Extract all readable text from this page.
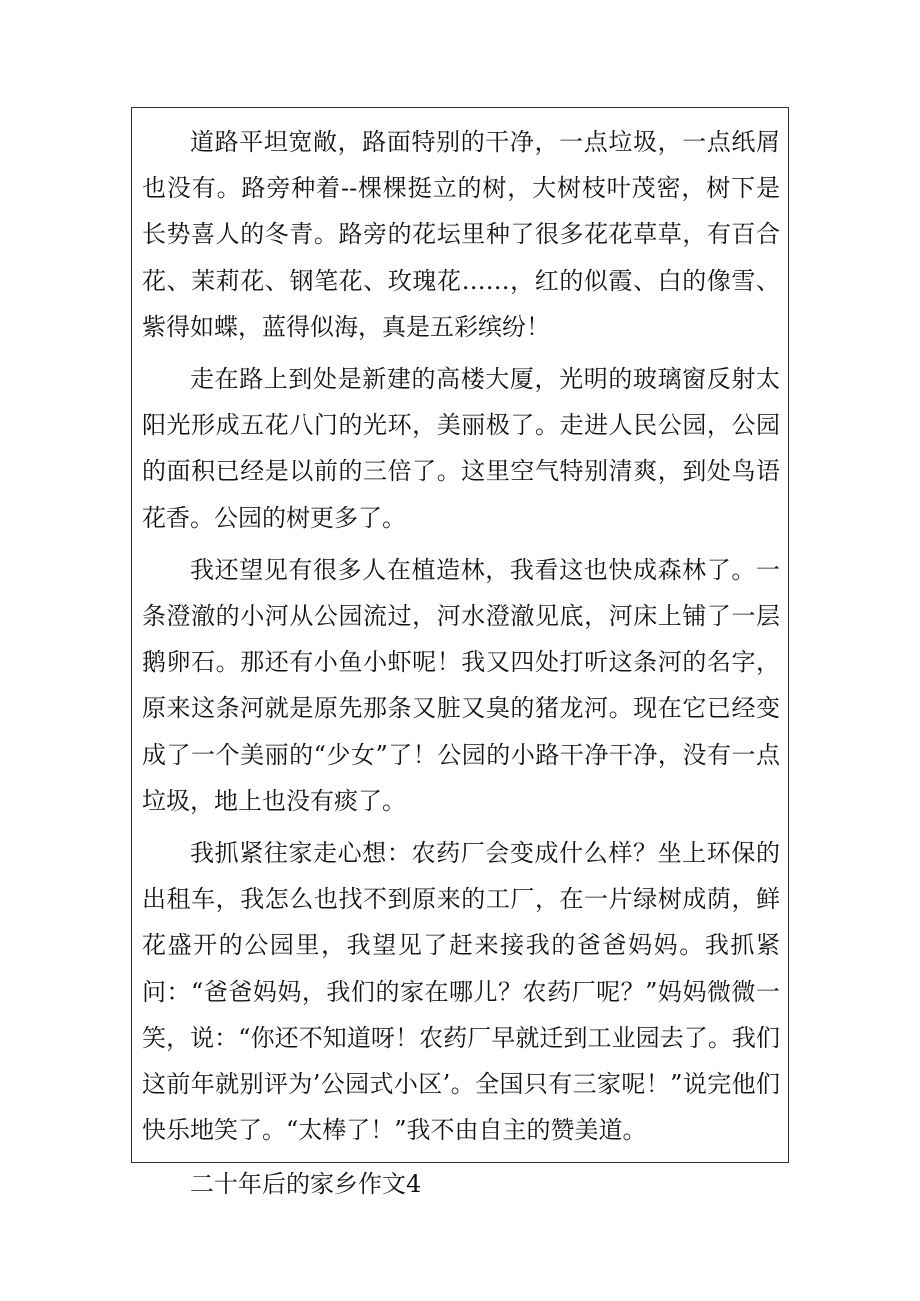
道路平坦宽敞，路面特别的干净，一点垃圾，一点纸屑也没有。路旁种着--棵棵挺立的树，大树枝叶茂密，树下是长势喜人的冬青。路旁的花坛里种了很多花花草草，有百合花、茉莉花、钢笔花、玫瑰花……，红的似霞、白的像雪、紫得如蝶，蓝得似海，真是五彩缤纷！

走在路上到处是新建的高楼大厦，光明的玻璃窗反射太阳光形成五花八门的光环，美丽极了。走进人民公园，公园的面积已经是以前的三倍了。这里空气特别清爽，到处鸟语花香。公园的树更多了。

我还望见有很多人在植造林，我看这也快成森林了。一条澄澈的小河从公园流过，河水澄澈见底，河床上铺了一层鹅卵石。那还有小鱼小虾呢！我又四处打听这条河的名字，原来这条河就是原先那条又脏又臭的猪龙河。现在它已经变成了一个美丽的“少女”了！公园的小路干净干净，没有一点垃圾，地上也没有痰了。

我抓紧往家走心想：农药厂会变成什么样？坐上环保的出租车，我怎么也找不到原来的工厂，在一片绿树成荫，鲜花盛开的公园里，我望见了赶来接我的爸爸妈妈。我抓紧问：“爸爸妈妈，我们的家在哪儿？农药厂呢？”妈妈微微一笑，说：“你还不知道呀！农药厂早就迁到工业园去了。我们这前年就别评为’公园式小区’。全国只有三家呢！”说完他们快乐地笑了。“太棒了！”我不由自主的赞美道。

二十年后的家乡作文4
